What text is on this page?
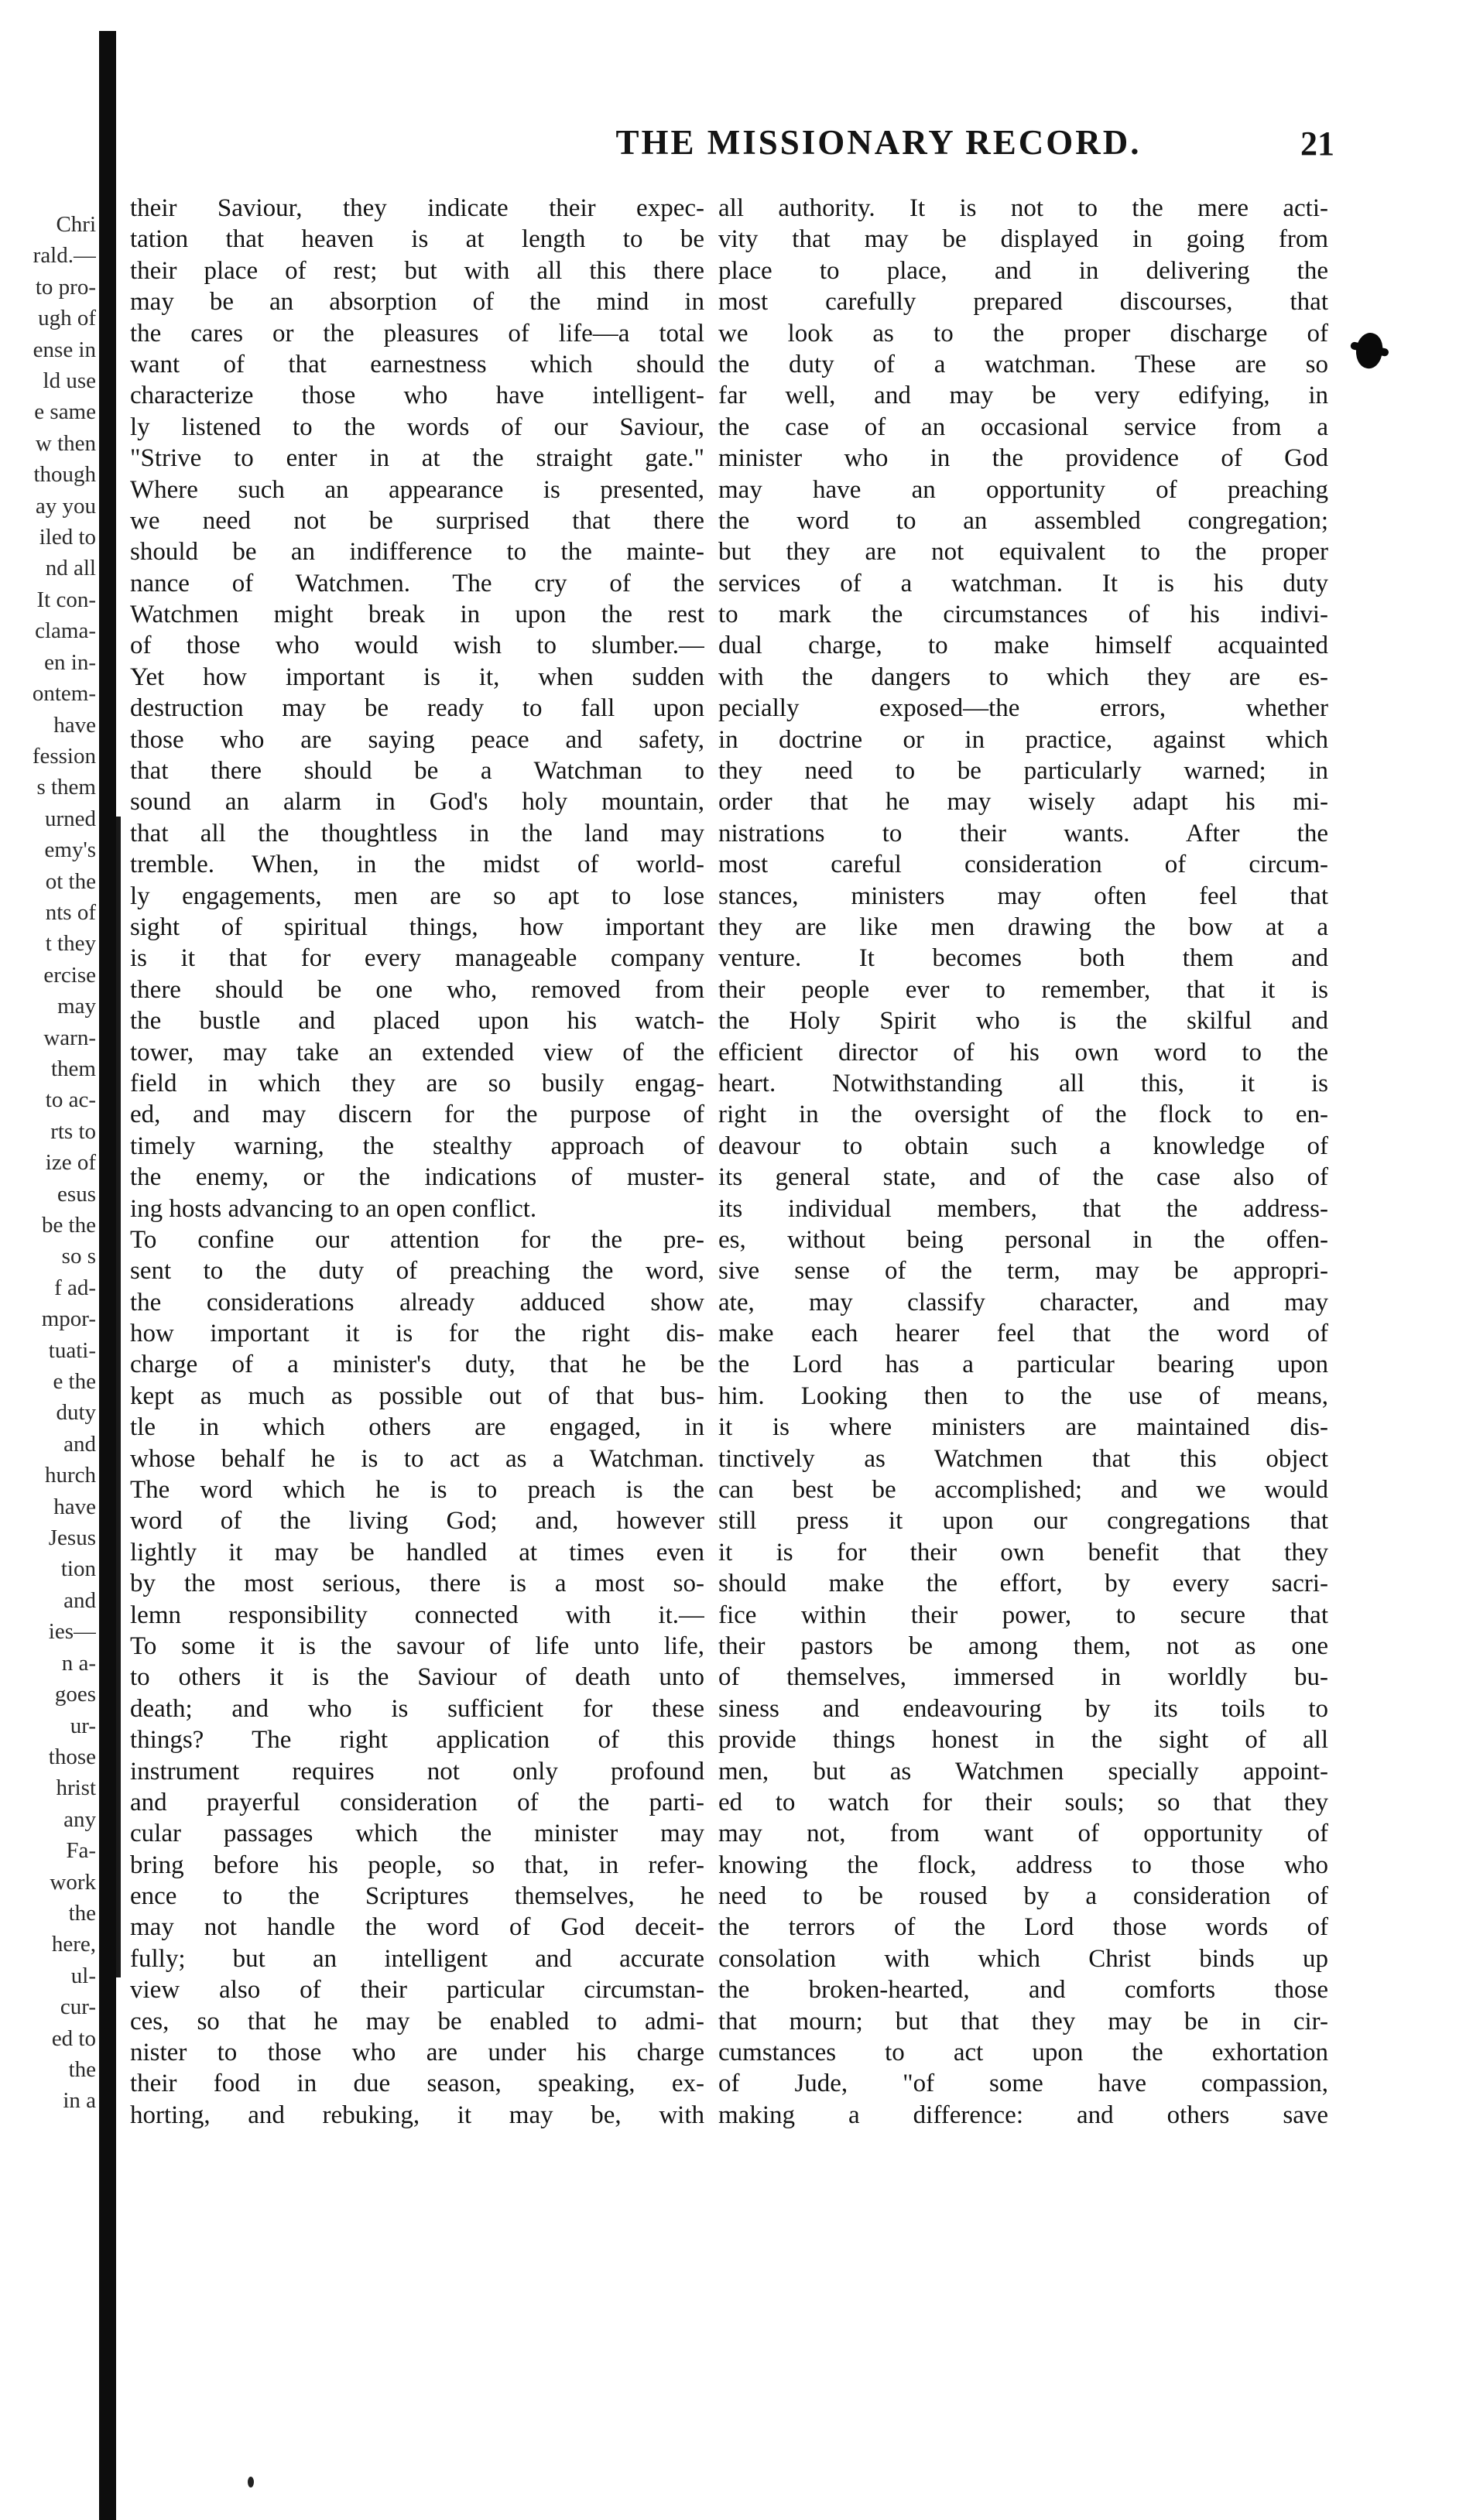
Chri
rald.—
to pro-
ugh of
ense in
ld use
e same
w then
though
ay you
iled to
nd all
It con-
clama-
en in-
ontem-
have
fession
s them
urned
emy's
ot the
nts of
t they
ercise
may
warn-
them
to ac-
rts to
ize of
esus
be the
so s
f ad-
mpor-
tuati-
e the
duty
and
hurch
have
Jesus
tion
and
ies—
n a-
goes
ur-
those
hrist
any
Fa-
work
the
here,
ul-
cur-
ed to
the
in a
THE MISSIONARY RECORD.	21
their Saviour, they indicate their expec-
tation that heaven is at length to be
their place of rest; but with all this there
may be an absorption of the mind in
the cares or the pleasures of life—a total
want of that earnestness which should
characterize those who have intelligent-
ly listened to the words of our Saviour,
"Strive to enter in at the straight gate."
Where such an appearance is presented,
we need not be surprised that there
should be an indifference to the mainte-
nance of Watchmen. The cry of the
Watchmen might break in upon the rest
of those who would wish to slumber.—
Yet how important is it, when sudden
destruction may be ready to fall upon
those who are saying peace and safety,
that there should be a Watchman to
sound an alarm in God's holy mountain,
that all the thoughtless in the land may
tremble. When, in the midst of world-
ly engagements, men are so apt to lose
sight of spiritual things, how important
is it that for every manageable company
there should be one who, removed from
the bustle and placed upon his watch-
tower, may take an extended view of the
field in which they are so busily engag-
ed, and may discern for the purpose of
timely warning, the stealthy approach of
the enemy, or the indications of muster-
ing hosts advancing to an open conflict.
To confine our attention for the pre-
sent to the duty of preaching the word,
the considerations already adduced show
how important it is for the right dis-
charge of a minister's duty, that he be
kept as much as possible out of that bus-
tle in which others are engaged, in
whose behalf he is to act as a Watchman.
The word which he is to preach is the
word of the living God; and, however
lightly it may be handled at times even
by the most serious, there is a most so-
lemn responsibility connected with it.—
To some it is the savour of life unto life,
to others it is the Saviour of death unto
death; and who is sufficient for these
things? The right application of this
instrument requires not only profound
and prayerful consideration of the parti-
cular passages which the minister may
bring before his people, so that, in refer-
ence to the Scriptures themselves, he
may not handle the word of God deceit-
fully; but an intelligent and accurate
view also of their particular circumstan-
ces, so that he may be enabled to admi-
nister to those who are under his charge
their food in due season, speaking, ex-
horting, and rebuking, it may be, with
all authority. It is not to the mere acti-
vity that may be displayed in going from
place to place, and in delivering the
most carefully prepared discourses, that
we look as to the proper discharge of
the duty of a watchman. These are so
far well, and may be very edifying, in
the case of an occasional service from a
minister who in the providence of God
may have an opportunity of preaching
the word to an assembled congregation;
but they are not equivalent to the proper
services of a watchman. It is his duty
to mark the circumstances of his indivi-
dual charge, to make himself acquainted
with the dangers to which they are es-
pecially exposed—the errors, whether
in doctrine or in practice, against which
they need to be particularly warned; in
order that he may wisely adapt his mi-
nistrations to their wants. After the
most careful consideration of circum-
stances, ministers may often feel that
they are like men drawing the bow at a
venture. It becomes both them and
their people ever to remember, that it is
the Holy Spirit who is the skilful and
efficient director of his own word to the
heart. Notwithstanding all this, it is
right in the oversight of the flock to en-
deavour to obtain such a knowledge of
its general state, and of the case also of
its individual members, that the address-
es, without being personal in the offen-
sive sense of the term, may be appropri-
ate, may classify character, and may
make each hearer feel that the word of
the Lord has a particular bearing upon
him. Looking then to the use of means,
it is where ministers are maintained dis-
tinctively as Watchmen that this object
can best be accomplished; and we would
still press it upon our congregations that
it is for their own benefit that they
should make the effort, by every sacri-
fice within their power, to secure that
their pastors be among them, not as one
of themselves, immersed in worldly bu-
siness and endeavouring by its toils to
provide things honest in the sight of all
men, but as Watchmen specially appoint-
ed to watch for their souls; so that they
may not, from want of opportunity of
knowing the flock, address to those who
need to be roused by a consideration of
the terrors of the Lord those words of
consolation with which Christ binds up
the broken-hearted, and comforts those
that mourn; but that they may be in cir-
cumstances to act upon the exhortation
of Jude, "of some have compassion,
making a difference: and others save
